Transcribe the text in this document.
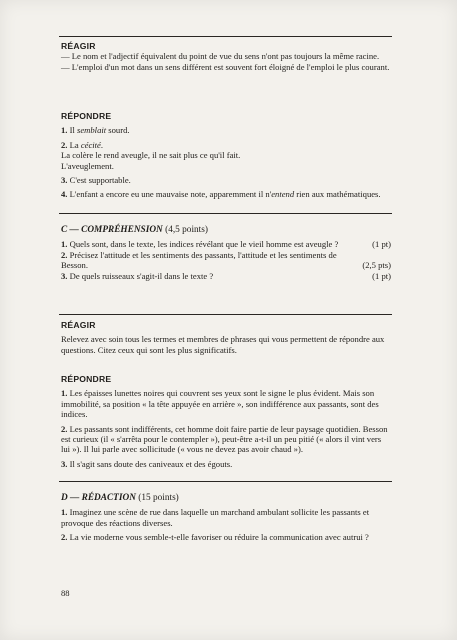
RÉAGIR

— Le nom et l'adjectif équivalent du point de vue du sens n'ont pas toujours la même racine.

— L'emploi d'un mot dans un sens différent est souvent fort éloigné de l'emploi le plus courant.

RÉPONDRE

1. Il semblait sourd.

2. La cécité.

La colère le rend aveugle, il ne sait plus ce qu'il fait.

L'aveuglement.

3. C'est supportable.

4. L'enfant a encore eu une mauvaise note, apparemment il n'entend rien aux mathématiques.

C — COMPRÉHENSION (4,5 points)

1. Quels sont, dans le texte, les indices révélant que le vieil homme est aveugle ?	(1 pt)

2. Précisez l'attitude et les sentiments des passants, l'attitude et les sentiments de Besson.	(2,5 pts)

3. De quels ruisseaux s'agit-il dans le texte ?	(1 pt)

RÉAGIR

Relevez avec soin tous les termes et membres de phrases qui vous permettent de répondre aux questions. Citez ceux qui sont les plus significatifs.

RÉPONDRE

1. Les épaisses lunettes noires qui couvrent ses yeux sont le signe le plus évident. Mais son immobilité, sa position « la tête appuyée en arrière », son indifférence aux passants, sont des indices.

2. Les passants sont indifférents, cet homme doit faire partie de leur paysage quotidien. Besson est curieux (il « s'arrêta pour le contempler »), peut-être a-t-il un peu pitié (« alors il vint vers lui »). Il lui parle avec sollicitude (« vous ne devez pas avoir chaud »).

3. Il s'agit sans doute des caniveaux et des égouts.

D — RÉDACTION (15 points)

1. Imaginez une scène de rue dans laquelle un marchand ambulant sollicite les passants et provoque des réactions diverses.

2. La vie moderne vous semble-t-elle favoriser ou réduire la communication avec autrui ?

88
